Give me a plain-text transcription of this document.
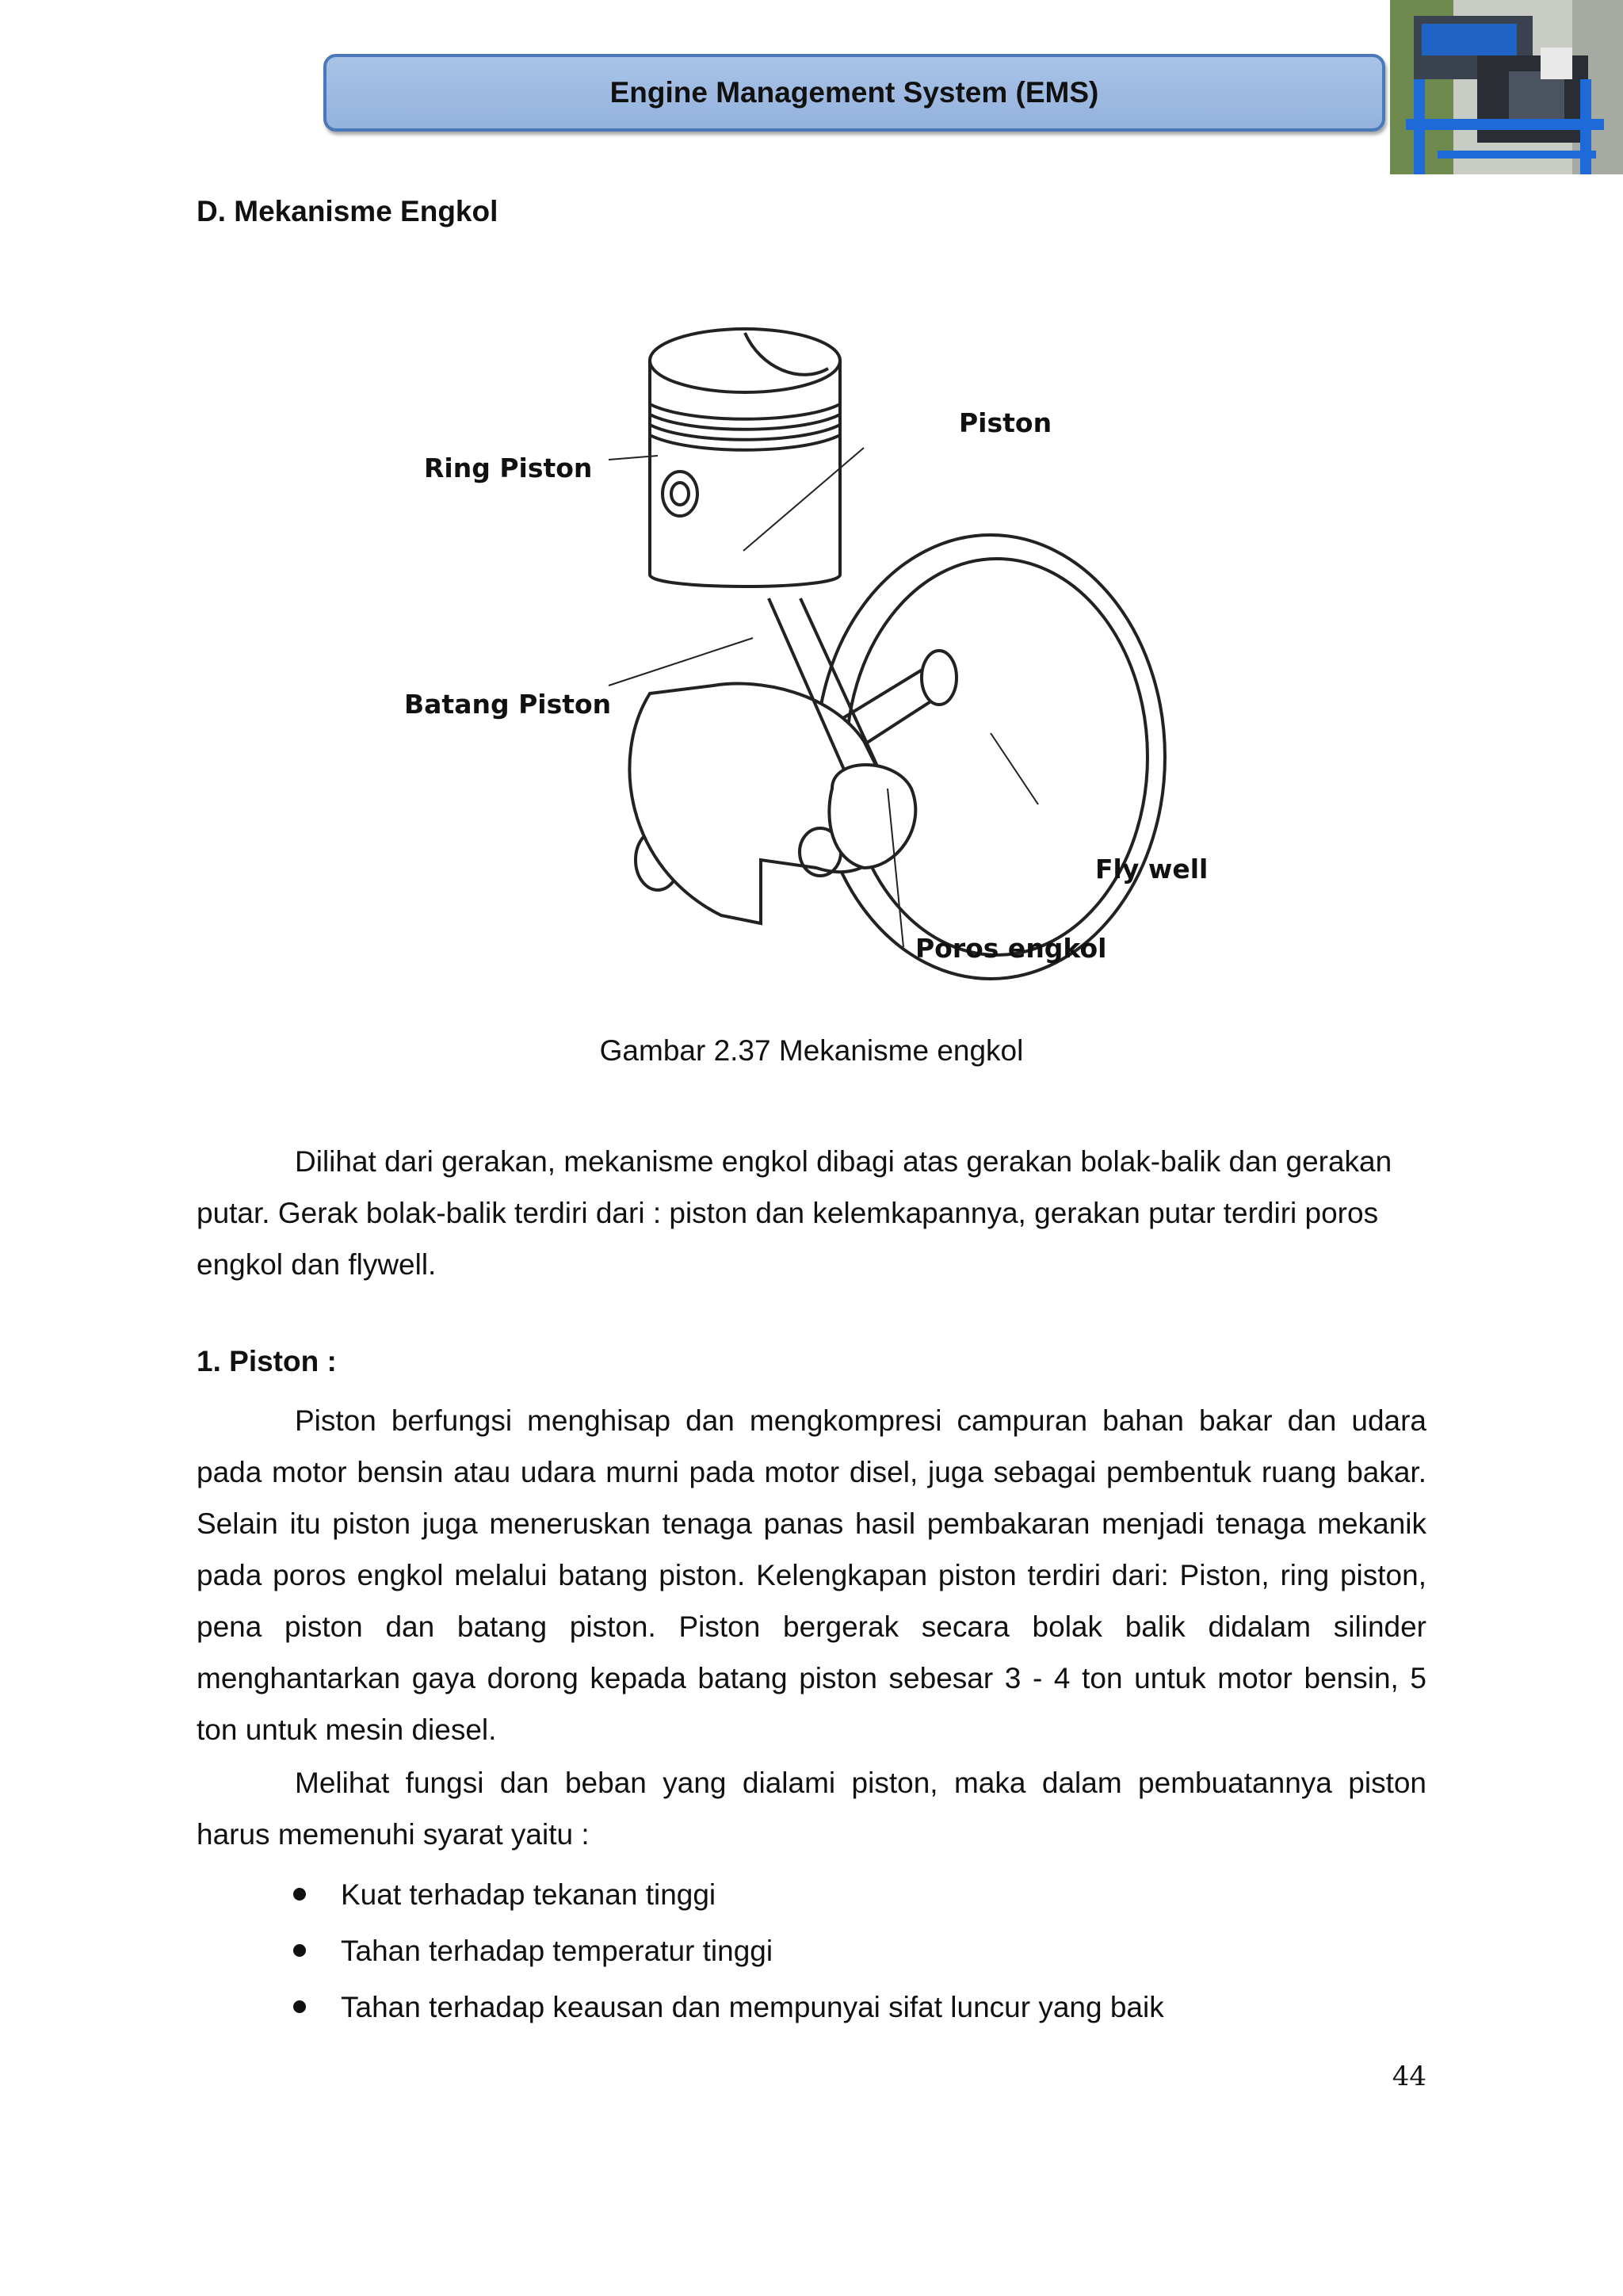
Engine Management System (EMS)
D. Mekanisme Engkol
Piston
Ring Piston
Batang Piston
Fly well
Poros engkol
Gambar 2.37 Mekanisme engkol

Dilihat dari gerakan, mekanisme engkol dibagi atas gerakan bolak-balik dan gerakan putar. Gerak bolak-balik terdiri dari : piston dan kelemkapannya, gerakan putar terdiri poros engkol dan flywell.

1. Piston :

Piston berfungsi menghisap dan mengkompresi campuran bahan bakar dan udara pada motor bensin atau udara murni pada motor disel, juga sebagai pembentuk ruang bakar. Selain itu piston juga meneruskan tenaga panas hasil pembakaran menjadi tenaga mekanik pada poros engkol melalui batang piston. Kelengkapan piston terdiri dari: Piston, ring piston, pena piston dan batang piston. Piston bergerak secara bolak balik didalam silinder menghantarkan gaya dorong kepada batang piston sebesar 3 - 4 ton untuk motor bensin, 5 ton untuk mesin diesel.

Melihat fungsi dan beban yang dialami piston, maka dalam pembuatannya piston harus memenuhi syarat yaitu :

Kuat terhadap tekanan tinggi
Tahan terhadap temperatur tinggi
Tahan terhadap keausan dan mempunyai sifat luncur yang baik
44
